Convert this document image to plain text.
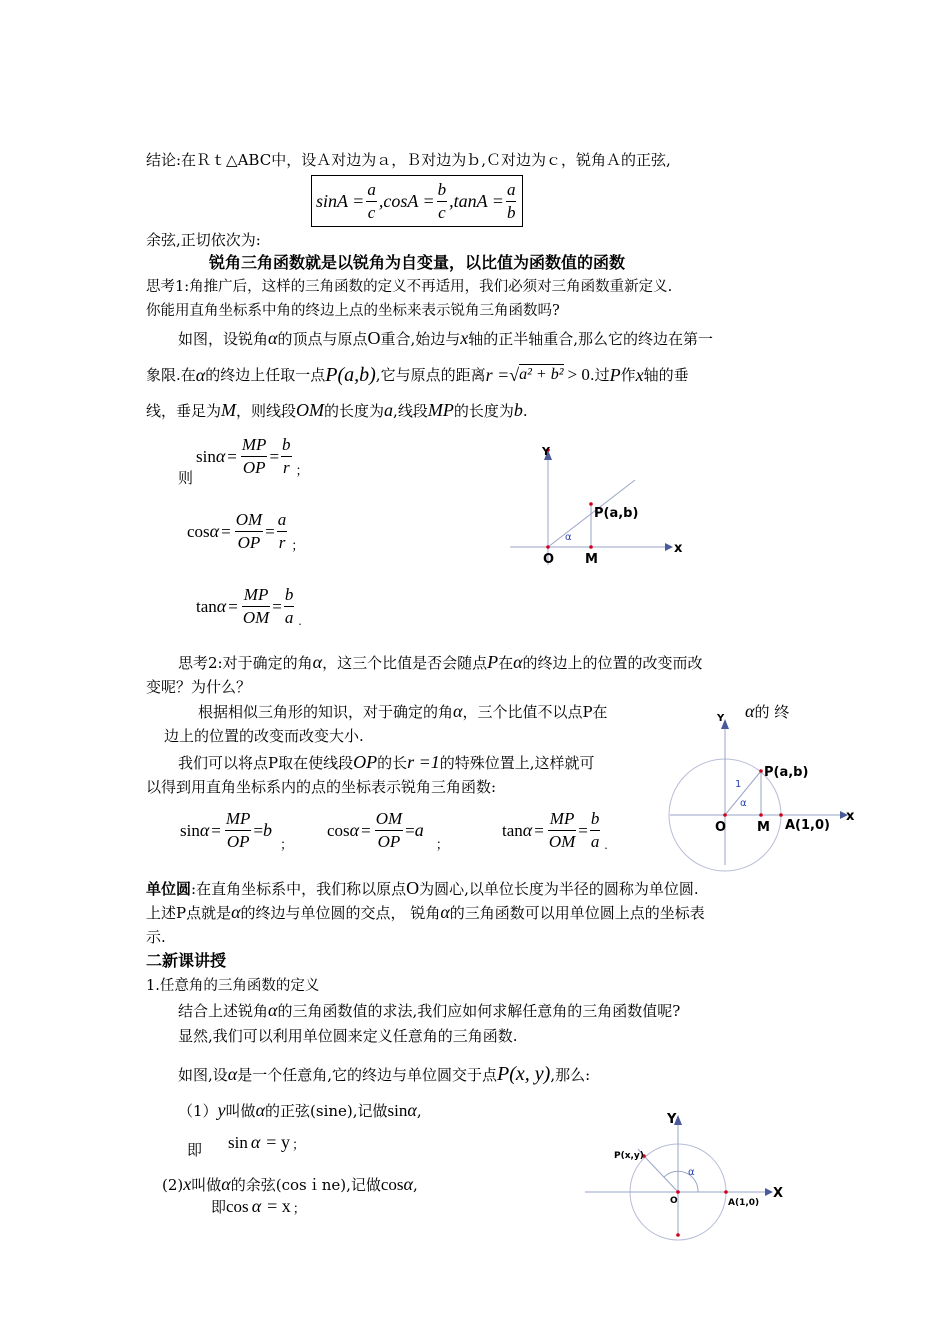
结论:在Ｒｔ△ABC中，设Ａ对边为ａ，Ｂ对边为ｂ,Ｃ对边为ｃ，锐角Ａ的正弦,
$\sin A = \frac{a}{c} ,\cos A = \frac{b}{c} ,\tan A = \frac{a}{b}$
余弦,正切依次为:
锐角三角函数就是以锐角为自变量，以比值为函数值的函数
思考1:角推广后，这样的三角函数的定义不再适用，我们必须对三角函数重新定义.
你能用直角坐标系中角的终边上点的坐标来表示锐角三角函数吗?
如图，设锐角α的顶点与原点O重合,始边与x轴的正半轴重合,那么它的终边在第一
象限.在 α 的终边上任取一点 P(a,b) ,它与原点的距离 r = √ a² + b² > 0 .过 P 作 x 轴的垂
线，垂足为M，则线段OM的长度为a,线段MP的长度为b.
则
$\sin \alpha = \frac{MP}{OP} = \frac{b}{r}$ ；
$\cos \alpha = \frac{OM}{OP} = \frac{a}{r}$ ；
$\tan \alpha = \frac{MP}{OM} = \frac{b}{a}$ .
Y
x
O M
P(a,b)
α
思考2:对于确定的角α，这三个比值是否会随点P在α的终边上的位置的改变而改
变呢？为什么？
根据相似三角形的知识，对于确定的角α，三个比值不以点P在	α的 终
边上的位置的改变而改变大小.
我们可以将点P取在使线段OP的长r =1的特殊位置上,这样就可
以得到用直角坐标系内的点的坐标表示锐角三角函数:
$\sin \alpha = \frac{MP}{OP} = b$
；
$\cos \alpha = \frac{OM}{OP} = a$
；
$\tan \alpha = \frac{MP}{OM} = \frac{b}{a}$ .
Y
x
O M A(1,0)
P(a,b)
1
α
单位圆:在直角坐标系中，我们称以原点O为圆心,以单位长度为半径的圆称为单位圆.
上述P点就是α的终边与单位圆的交点， 锐角α的三角函数可以用单位圆上点的坐标表
示.
二新课讲授
1.任意角的三角函数的定义
结合上述锐角α的三角函数值的求法,我们应如何求解任意角的三角函数值呢?
显然,我们可以利用单位圆来定义任意角的三角函数.
如图,设α是一个任意角,它的终边与单位圆交于点P(x, y),那么:
（1）y叫做α的正弦(sine),记做sinα,
即 sin α = y ；
(2)x叫做α的余弦(cosｉne),记做cosα,
即 cos α = x ；
Y
X
O	A(1,0)
P(x,y)
α
